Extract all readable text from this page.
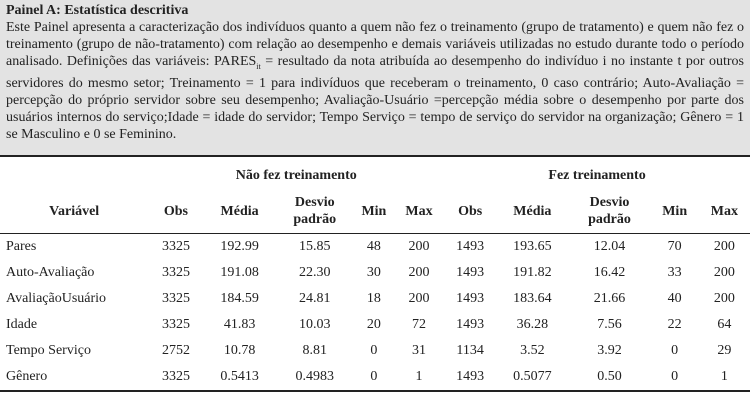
Painel A: Estatística descritiva
Este Painel apresenta a caracterização dos indivíduos quanto a quem não fez o treinamento (grupo de tratamento) e quem não fez o treinamento (grupo de não-tratamento) com relação ao desempenho e demais variáveis utilizadas no estudo durante todo o período analisado. Definições das variáveis: $PARES_{it}$ = resultado da nota atribuída ao desempenho do indivíduo i no instante t por outros servidores do mesmo setor; Treinamento = 1 para indivíduos que receberam o treinamento, 0 caso contrário; Auto-Avaliação = percepção do próprio servidor sobre seu desempenho; Avaliação-Usuário =percepção média sobre o desempenho por parte dos usuários internos do serviço;Idade = idade do servidor; Tempo Serviço = tempo de serviço do servidor na organização; Gênero = 1 se Masculino e 0 se Feminino.
	Não fez treinamento					Fez treinamento				
Variável	Obs	Média	Desvio padrão	Min	Max	Obs	Média	Desvio padrão	Min	Max
Pares	3325	192.99	15.85	48	200	1493	193.65	12.04	70	200
Auto-Avaliação	3325	191.08	22.30	30	200	1493	191.82	16.42	33	200
AvaliaçãoUsuário	3325	184.59	24.81	18	200	1493	183.64	21.66	40	200
Idade	3325	41.83	10.03	20	72	1493	36.28	7.56	22	64
Tempo Serviço	2752	10.78	8.81	0	31	1134	3.52	3.92	0	29
Gênero	3325	0.5413	0.4983	0	1	1493	0.5077	0.50	0	1
